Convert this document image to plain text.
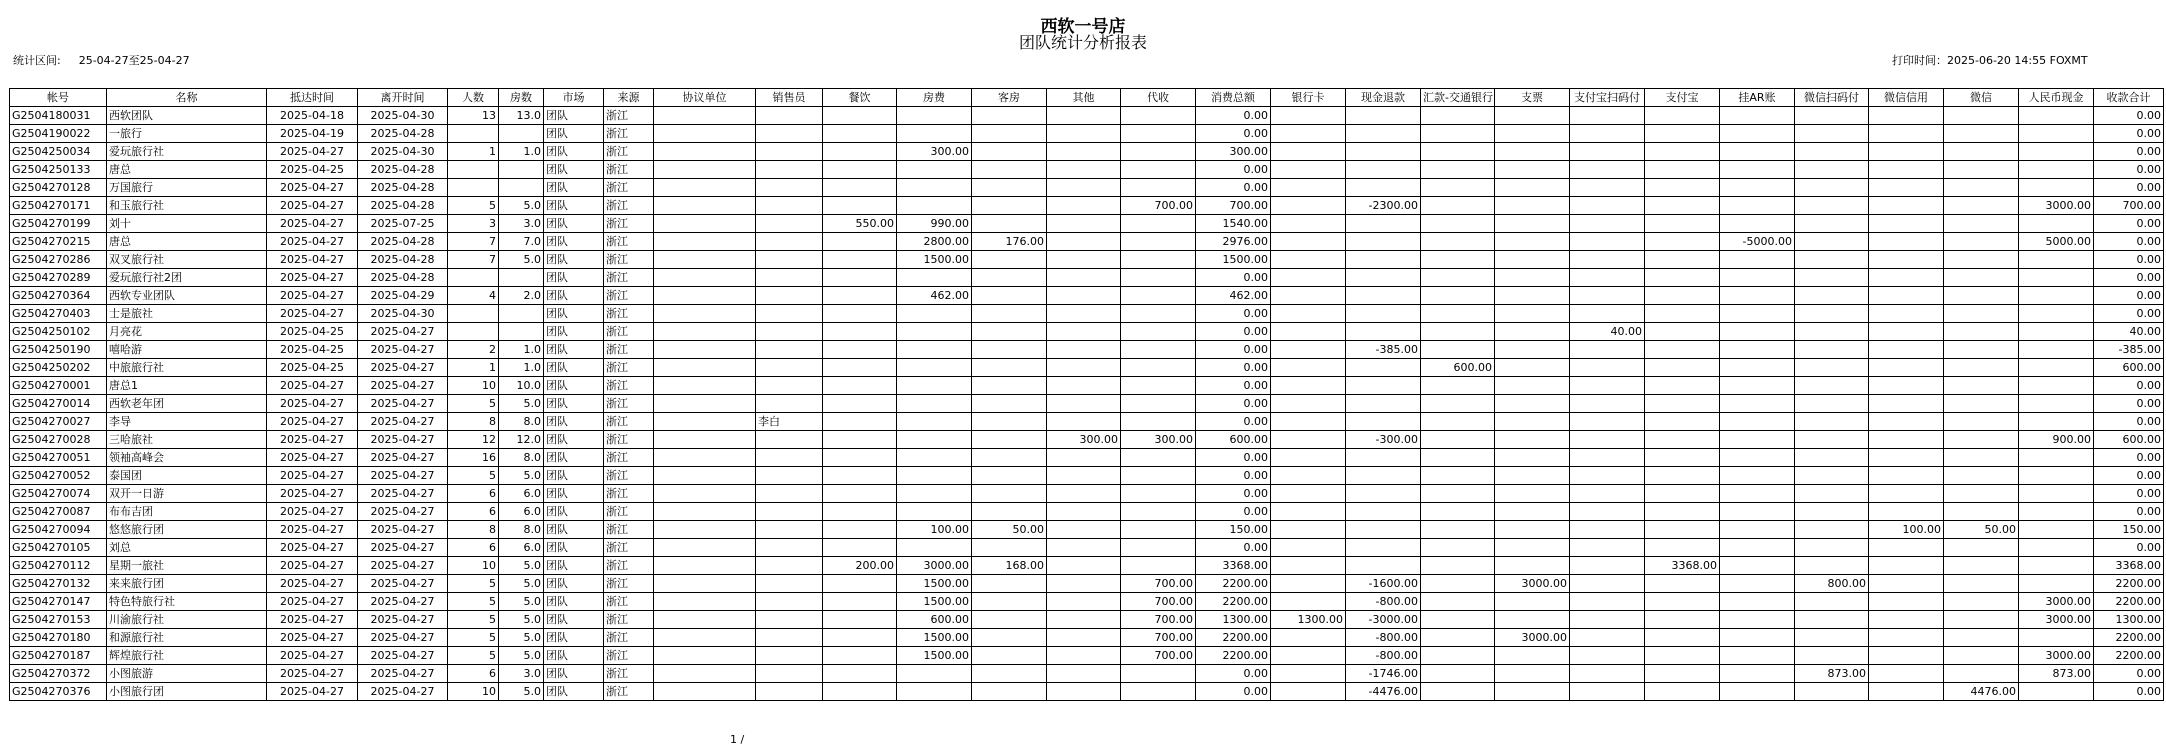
西软一号店
团队统计分析报表
统计区间: 25-04-27至25-04-27	打印时间：2025-06-20 14:55 FOXMT
帐号	名称	抵达时间	离开时间	人数	房数	市场	来源	协议单位	销售员	餐饮	房费	客房	其他	代收	消费总额	银行卡	现金退款	汇款-交通银行	支票	支付宝扫码付	支付宝	挂AR账	微信扫码付	微信信用	微信	人民币现金	收款合计
G2504180031	西软团队	2025-04-18	2025-04-30	13	13.0	团队	浙江								0.00												0.00
G2504190022	一旅行	2025-04-19	2025-04-28			团队	浙江								0.00												0.00
G2504250034	爱玩旅行社	2025-04-27	2025-04-30	1	1.0	团队	浙江				300.00				300.00												0.00
G2504250133	唐总	2025-04-25	2025-04-28			团队	浙江								0.00												0.00
G2504270128	万国旅行	2025-04-27	2025-04-28			团队	浙江								0.00												0.00
G2504270171	和玉旅行社	2025-04-27	2025-04-28	5	5.0	团队	浙江							700.00	700.00		-2300.00									3000.00	700.00
G2504270199	刘十	2025-04-27	2025-07-25	3	3.0	团队	浙江			550.00	990.00				1540.00												0.00
G2504270215	唐总	2025-04-27	2025-04-28	7	7.0	团队	浙江				2800.00	176.00			2976.00							-5000.00				5000.00	0.00
G2504270286	双叉旅行社	2025-04-27	2025-04-28	7	5.0	团队	浙江				1500.00				1500.00												0.00
G2504270289	爱玩旅行社2团	2025-04-27	2025-04-28			团队	浙江								0.00												0.00
G2504270364	西软专业团队	2025-04-27	2025-04-29	4	2.0	团队	浙江				462.00				462.00												0.00
G2504270403	士是旅社	2025-04-27	2025-04-30			团队	浙江								0.00												0.00
G2504250102	月亮花	2025-04-25	2025-04-27			团队	浙江								0.00					40.00							40.00
G2504250190	嘻哈游	2025-04-25	2025-04-27	2	1.0	团队	浙江								0.00		-385.00										-385.00
G2504250202	中旅旅行社	2025-04-25	2025-04-27	1	1.0	团队	浙江								0.00			600.00									600.00
G2504270001	唐总1	2025-04-27	2025-04-27	10	10.0	团队	浙江								0.00												0.00
G2504270014	西软老年团	2025-04-27	2025-04-27	5	5.0	团队	浙江								0.00												0.00
G2504270027	李导	2025-04-27	2025-04-27	8	8.0	团队	浙江		李白						0.00												0.00
G2504270028	三哈旅社	2025-04-27	2025-04-27	12	12.0	团队	浙江						300.00	300.00	600.00		-300.00									900.00	600.00
G2504270051	领袖高峰会	2025-04-27	2025-04-27	16	8.0	团队	浙江								0.00												0.00
G2504270052	泰国团	2025-04-27	2025-04-27	5	5.0	团队	浙江								0.00												0.00
G2504270074	双开一日游	2025-04-27	2025-04-27	6	6.0	团队	浙江								0.00												0.00
G2504270087	布布吉团	2025-04-27	2025-04-27	6	6.0	团队	浙江								0.00												0.00
G2504270094	悠悠旅行团	2025-04-27	2025-04-27	8	8.0	团队	浙江				100.00	50.00			150.00									100.00	50.00		150.00
G2504270105	刘总	2025-04-27	2025-04-27	6	6.0	团队	浙江								0.00												0.00
G2504270112	星期一旅社	2025-04-27	2025-04-27	10	5.0	团队	浙江			200.00	3000.00	168.00			3368.00						3368.00						3368.00
G2504270132	来来旅行团	2025-04-27	2025-04-27	5	5.0	团队	浙江				1500.00			700.00	2200.00		-1600.00		3000.00				800.00				2200.00
G2504270147	特色特旅行社	2025-04-27	2025-04-27	5	5.0	团队	浙江				1500.00			700.00	2200.00		-800.00									3000.00	2200.00
G2504270153	川渝旅行社	2025-04-27	2025-04-27	5	5.0	团队	浙江				600.00			700.00	1300.00	1300.00	-3000.00									3000.00	1300.00
G2504270180	和源旅行社	2025-04-27	2025-04-27	5	5.0	团队	浙江				1500.00			700.00	2200.00		-800.00		3000.00								2200.00
G2504270187	辉煌旅行社	2025-04-27	2025-04-27	5	5.0	团队	浙江				1500.00			700.00	2200.00		-800.00									3000.00	2200.00
G2504270372	小图旅游	2025-04-27	2025-04-27	6	3.0	团队	浙江								0.00		-1746.00						873.00			873.00	0.00
G2504270376	小图旅行团	2025-04-27	2025-04-27	10	5.0	团队	浙江								0.00		-4476.00								4476.00		0.00
1 /
